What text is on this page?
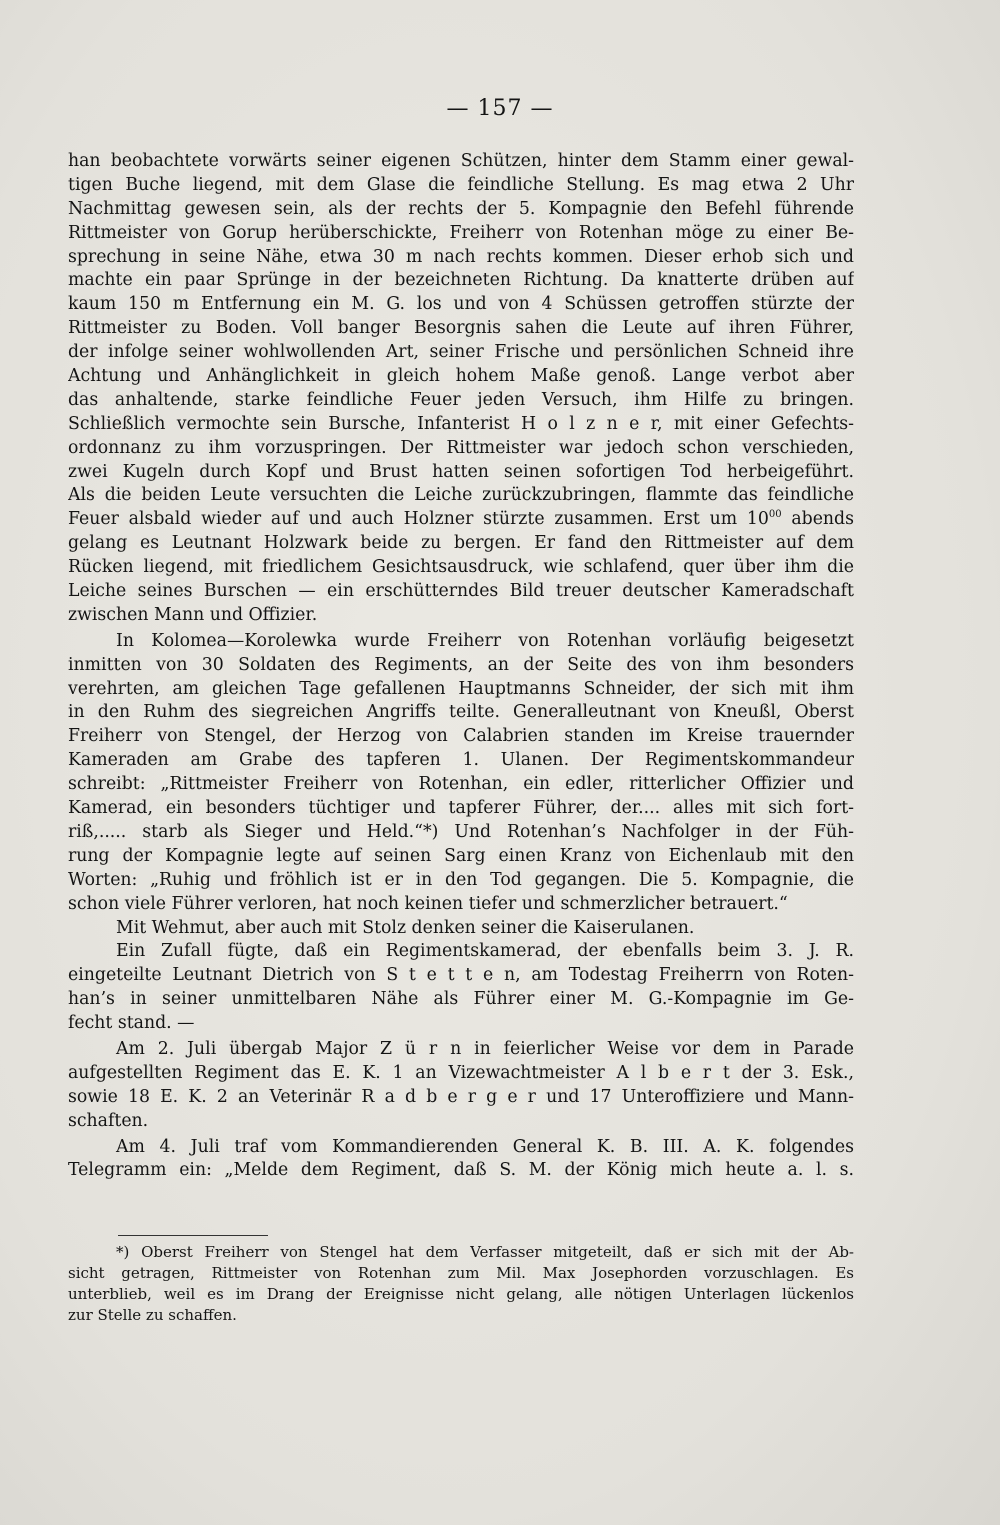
— 157 —
han beobachtete vorwärts seiner eigenen Schützen, hinter dem Stamm einer gewal-
tigen Buche liegend, mit dem Glase die feindliche Stellung. Es mag etwa 2 Uhr
Nachmittag gewesen sein, als der rechts der 5. Kompagnie den Befehl führende
Rittmeister von Gorup herüberschickte, Freiherr von Rotenhan möge zu einer Be-
sprechung in seine Nähe, etwa 30 m nach rechts kommen. Dieser erhob sich und
machte ein paar Sprünge in der bezeichneten Richtung. Da knatterte drüben auf
kaum 150 m Entfernung ein M. G. los und von 4 Schüssen getroffen stürzte der
Rittmeister zu Boden. Voll banger Besorgnis sahen die Leute auf ihren Führer,
der infolge seiner wohlwollenden Art, seiner Frische und persönlichen Schneid ihre
Achtung und Anhänglichkeit in gleich hohem Maße genoß. Lange verbot aber
das anhaltende, starke feindliche Feuer jeden Versuch, ihm Hilfe zu bringen.
Schließlich vermochte sein Bursche, Infanterist H o l z n e r, mit einer Gefechts-
ordonnanz zu ihm vorzuspringen. Der Rittmeister war jedoch schon verschieden,
zwei Kugeln durch Kopf und Brust hatten seinen sofortigen Tod herbeigeführt.
Als die beiden Leute versuchten die Leiche zurückzubringen, flammte das feindliche
Feuer alsbald wieder auf und auch Holzner stürzte zusammen. Erst um $10^{00}$ abends
gelang es Leutnant Holzwark beide zu bergen. Er fand den Rittmeister auf dem
Rücken liegend, mit friedlichem Gesichtsausdruck, wie schlafend, quer über ihm die
Leiche seines Burschen — ein erschütterndes Bild treuer deutscher Kameradschaft
zwischen Mann und Offizier.
In Kolomea—Korolewka wurde Freiherr von Rotenhan vorläufig beigesetzt
inmitten von 30 Soldaten des Regiments, an der Seite des von ihm besonders
verehrten, am gleichen Tage gefallenen Hauptmanns Schneider, der sich mit ihm
in den Ruhm des siegreichen Angriffs teilte. Generalleutnant von Kneußl, Oberst
Freiherr von Stengel, der Herzog von Calabrien standen im Kreise trauernder
Kameraden am Grabe des tapferen 1. Ulanen. Der Regimentskommandeur
schreibt: „Rittmeister Freiherr von Rotenhan, ein edler, ritterlicher Offizier und
Kamerad, ein besonders tüchtiger und tapferer Führer, der.... alles mit sich fort-
riß,..... starb als Sieger und Held.“*) Und Rotenhan’s Nachfolger in der Füh-
rung der Kompagnie legte auf seinen Sarg einen Kranz von Eichenlaub mit den
Worten: „Ruhig und fröhlich ist er in den Tod gegangen. Die 5. Kompagnie, die
schon viele Führer verloren, hat noch keinen tiefer und schmerzlicher betrauert.“
Mit Wehmut, aber auch mit Stolz denken seiner die Kaiserulanen.
Ein Zufall fügte, daß ein Regimentskamerad, der ebenfalls beim 3. J. R.
eingeteilte Leutnant Dietrich von S t e t t e n, am Todestag Freiherrn von Roten-
han’s in seiner unmittelbaren Nähe als Führer einer M. G.-Kompagnie im Ge-
fecht stand. —
Am 2. Juli übergab Major Z ü r n in feierlicher Weise vor dem in Parade
aufgestellten Regiment das E. K. 1 an Vizewachtmeister A l b e r t der 3. Esk.,
sowie 18 E. K. 2 an Veterinär R a d b e r g e r und 17 Unteroffiziere und Mann-
schaften.
Am 4. Juli traf vom Kommandierenden General K. B. III. A. K. folgendes
Telegramm ein: „Melde dem Regiment, daß S. M. der König mich heute a. l. s.
*) Oberst Freiherr von Stengel hat dem Verfasser mitgeteilt, daß er sich mit der Ab-
sicht getragen, Rittmeister von Rotenhan zum Mil. Max Josephorden vorzuschlagen. Es
unterblieb, weil es im Drang der Ereignisse nicht gelang, alle nötigen Unterlagen lückenlos
zur Stelle zu schaffen.
